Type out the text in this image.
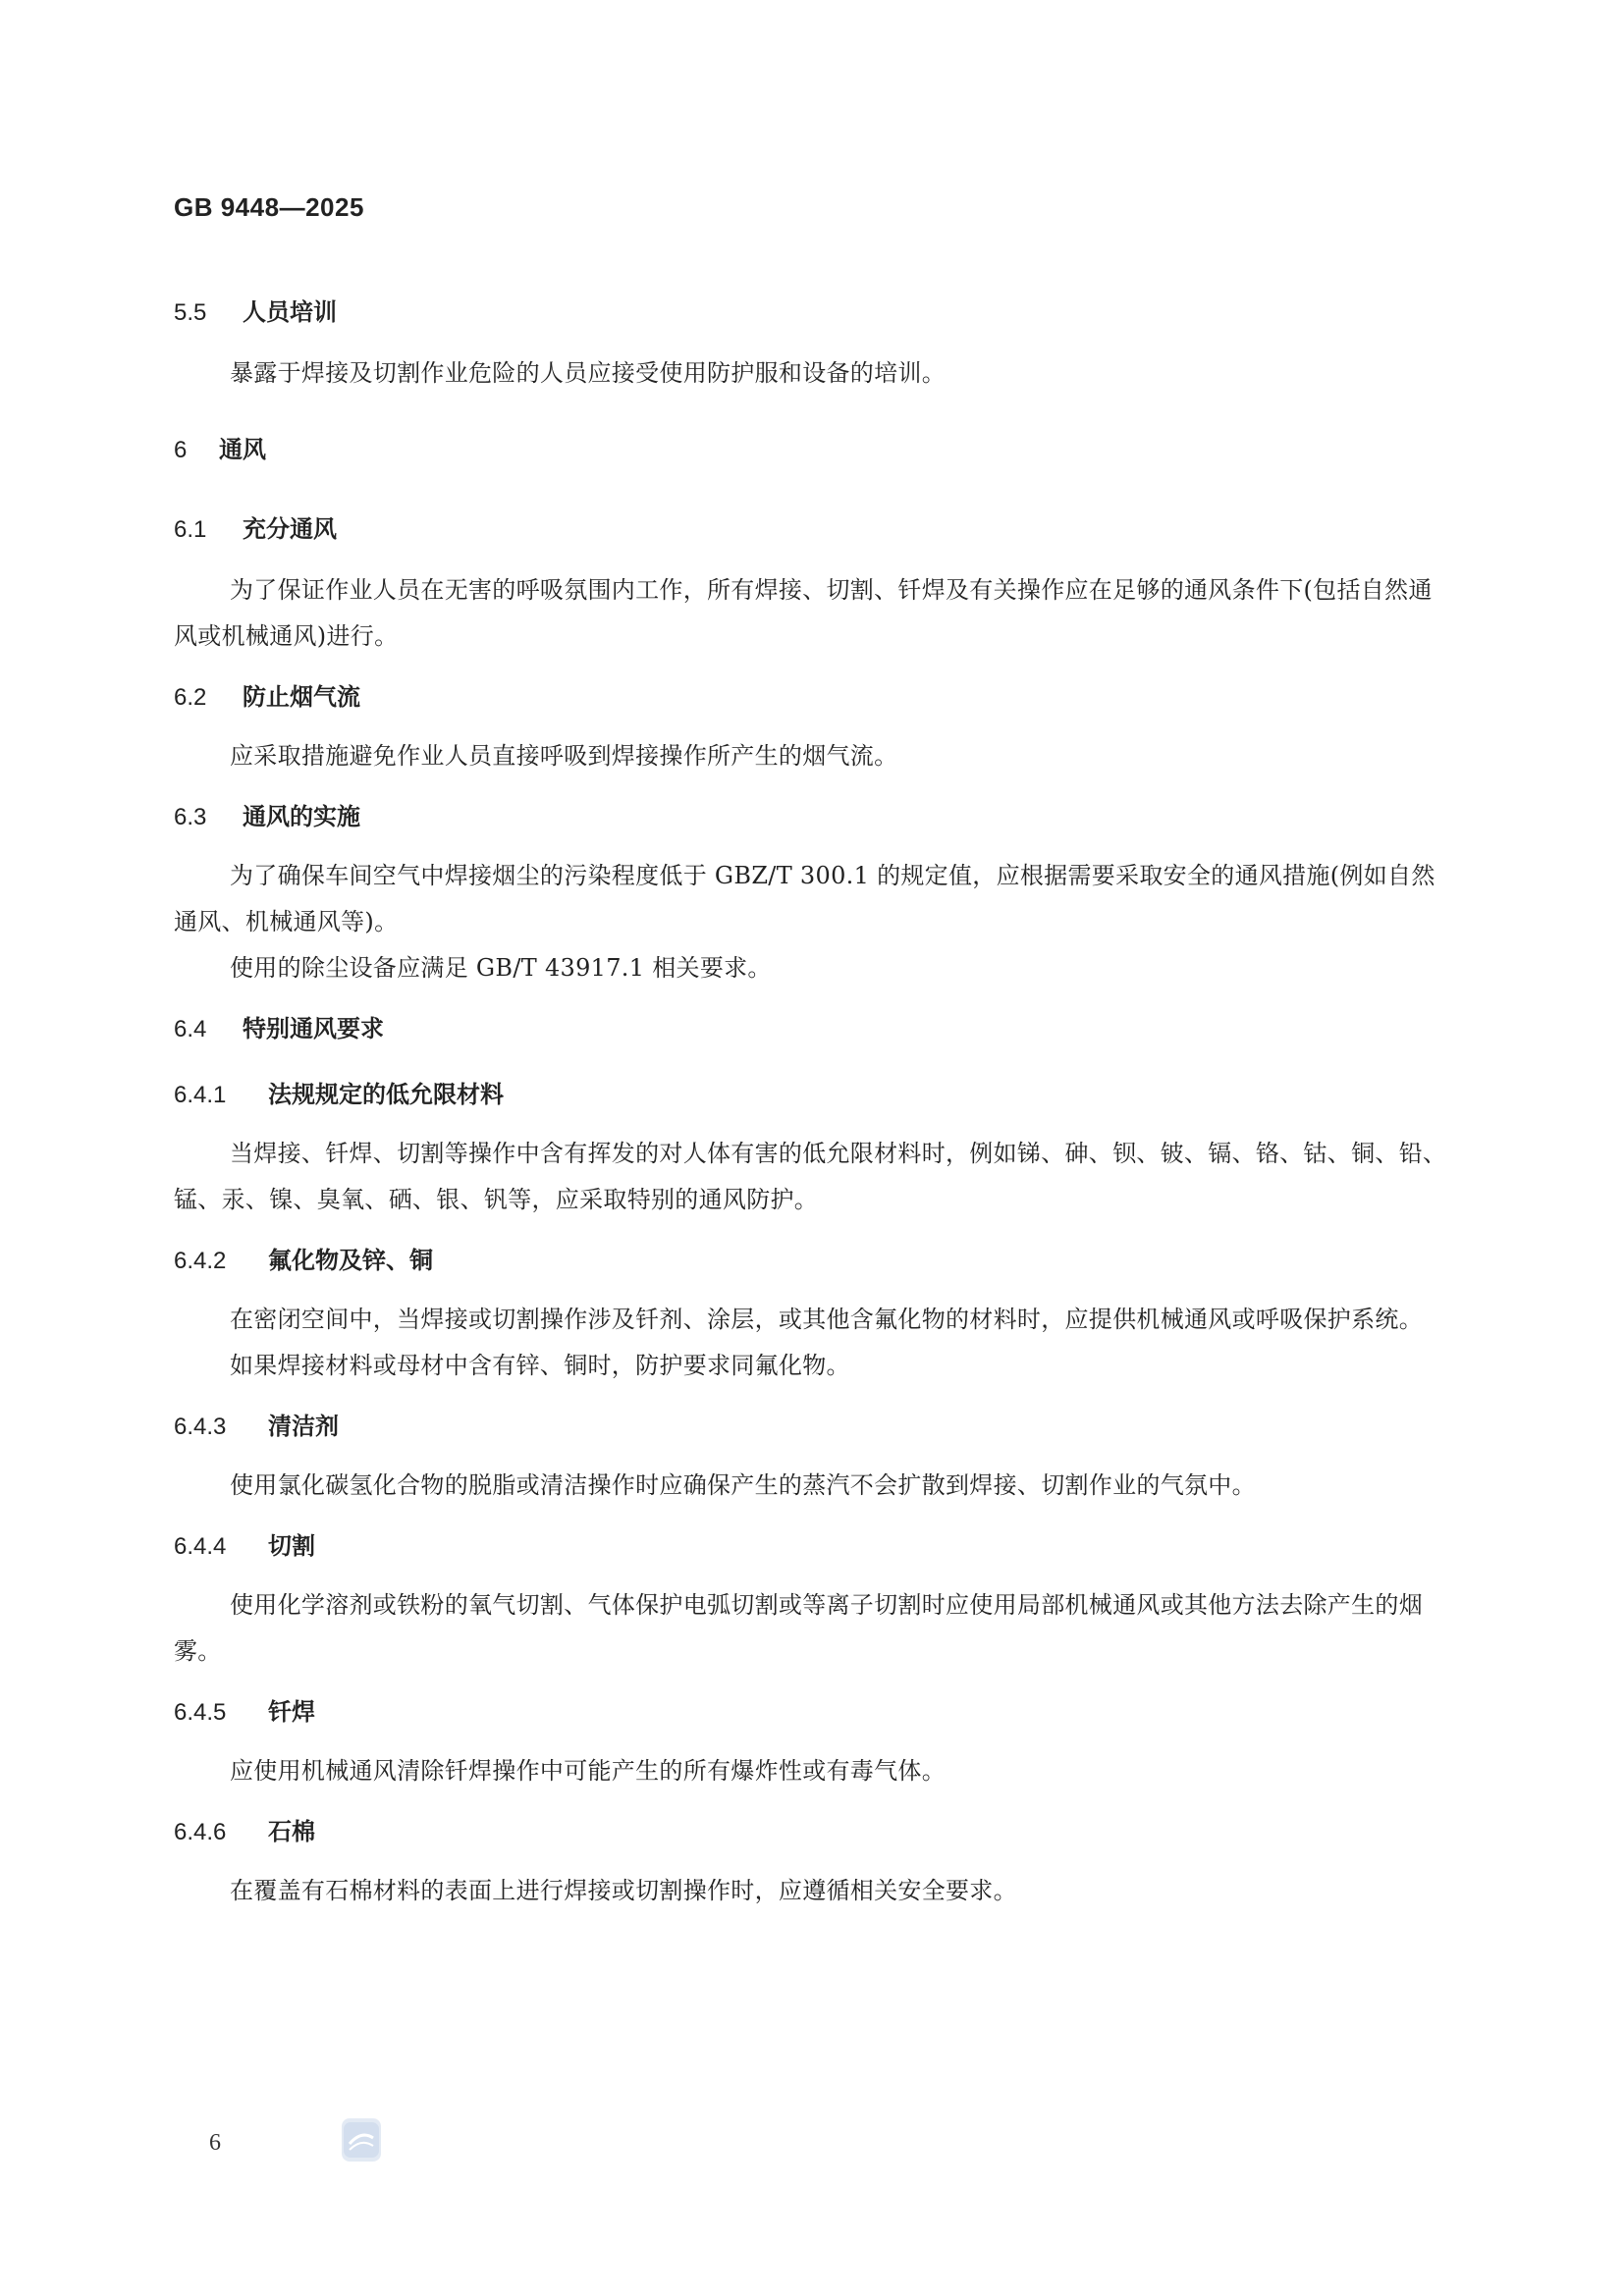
GB 9448—2025
5.5	人员培训

暴露于焊接及切割作业危险的人员应接受使用防护服和设备的培训。

6	通风
6.1	充分通风

为了保证作业人员在无害的呼吸氛围内工作，所有焊接、切割、钎焊及有关操作应在足够的通风条件下(包括自然通风或机械通风)进行。

6.2	防止烟气流

应采取措施避免作业人员直接呼吸到焊接操作所产生的烟气流。

6.3	通风的实施

为了确保车间空气中焊接烟尘的污染程度低于 GBZ/T 300.1 的规定值，应根据需要采取安全的通风措施(例如自然通风、机械通风等)。

使用的除尘设备应满足 GB/T 43917.1 相关要求。

6.4	特别通风要求
6.4.1	法规规定的低允限材料

当焊接、钎焊、切割等操作中含有挥发的对人体有害的低允限材料时，例如锑、砷、钡、铍、镉、铬、钴、铜、铅、锰、汞、镍、臭氧、硒、银、钒等，应采取特别的通风防护。

6.4.2	氟化物及锌、铜

在密闭空间中，当焊接或切割操作涉及钎剂、涂层，或其他含氟化物的材料时，应提供机械通风或呼吸保护系统。

如果焊接材料或母材中含有锌、铜时，防护要求同氟化物。

6.4.3	清洁剂

使用氯化碳氢化合物的脱脂或清洁操作时应确保产生的蒸汽不会扩散到焊接、切割作业的气氛中。

6.4.4	切割

使用化学溶剂或铁粉的氧气切割、气体保护电弧切割或等离子切割时应使用局部机械通风或其他方法去除产生的烟雾。

6.4.5	钎焊

应使用机械通风清除钎焊操作中可能产生的所有爆炸性或有毒气体。

6.4.6	石棉

在覆盖有石棉材料的表面上进行焊接或切割操作时，应遵循相关安全要求。

6
